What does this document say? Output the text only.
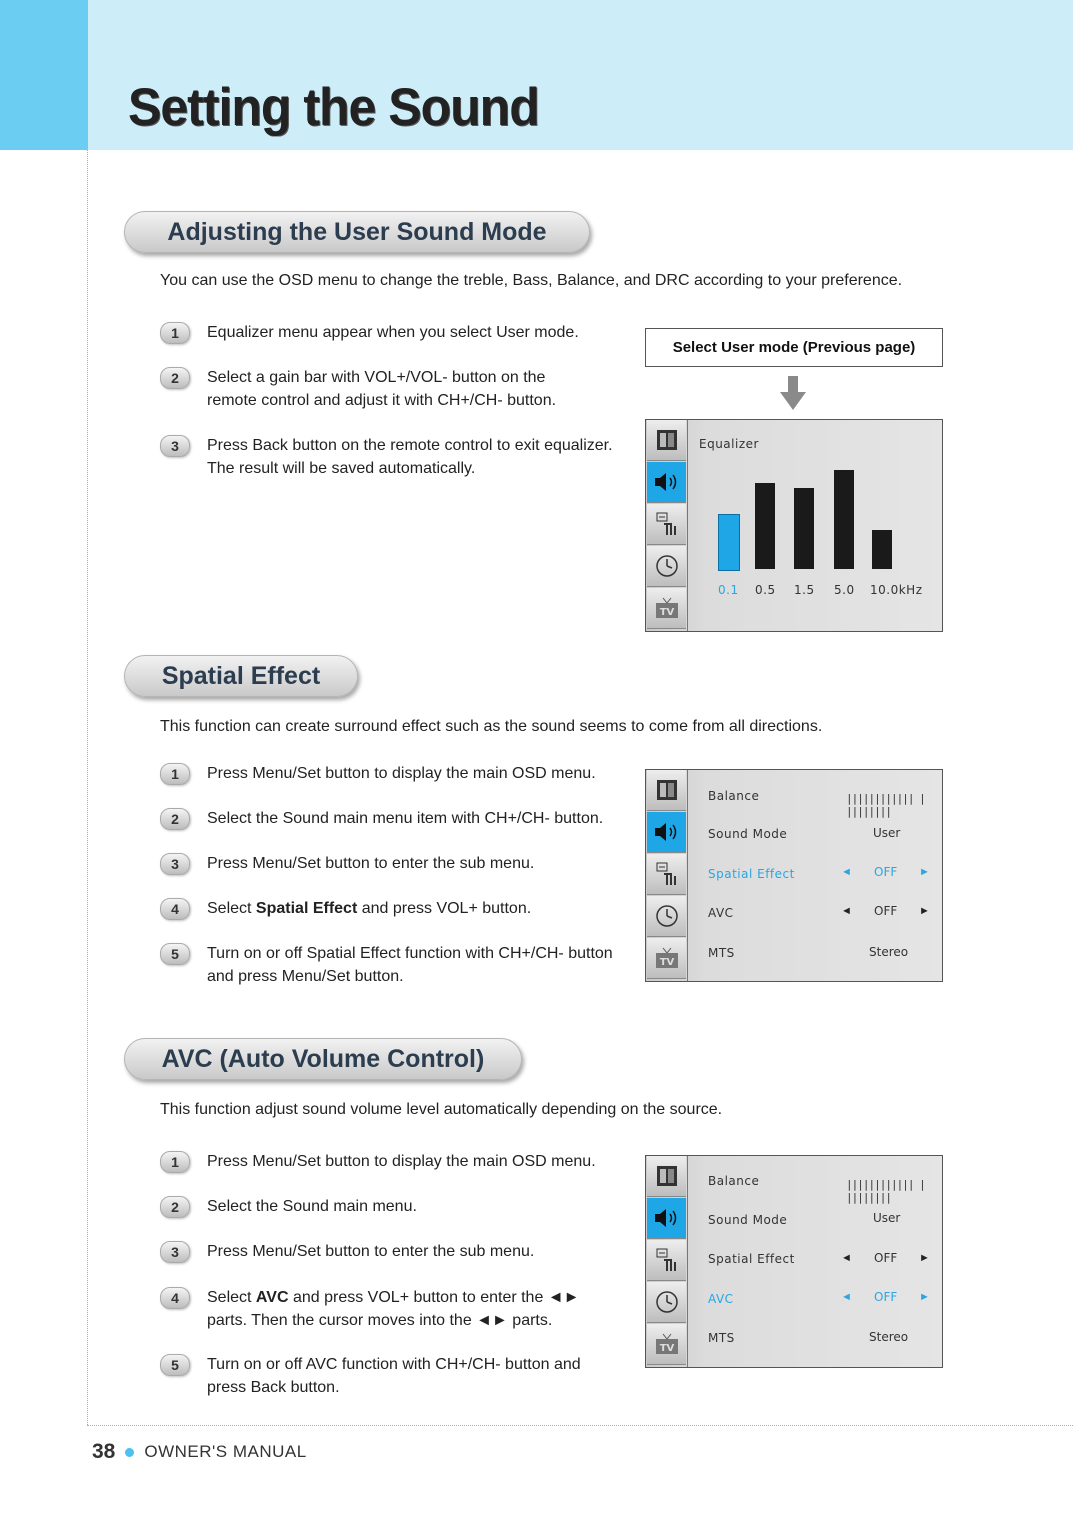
Setting the Sound
Adjusting the User Sound Mode
You can use the OSD menu to change the treble, Bass, Balance, and DRC according to your preference.
1	Equalizer menu appear when you select User mode.
2	Select a gain bar with VOL+/VOL- button on the remote control and adjust it with CH+/CH- button.
3	Press Back button on the remote control to exit equalizer. The result will be saved automatically.
Select User mode (Previous page)
TV
Equalizer
0.1 0.5 1.5 5.0 10.0kHz
Spatial Effect
This function can create surround effect such as the sound seems to come from all directions.
1	Press Menu/Set button to display the main OSD menu.
2	Select the Sound main menu item with CH+/CH- button.
3	Press Menu/Set button to enter the sub menu.
4	Select Spatial Effect and press VOL+ button.
5	Turn on or off Spatial Effect function with CH+/CH- button and press Menu/Set button.
TV
Balance	|||||||||||| | ||||||||
Sound Mode	User
Spatial Effect	◄ OFF ►
AVC	◄ OFF ►
MTS	Stereo
AVC (Auto Volume Control)
This function adjust sound volume level automatically depending on the source.
1	Press Menu/Set button to display the main OSD menu.
2	Select the Sound main menu.
3	Press Menu/Set button to enter the sub menu.
4	Select AVC and press VOL+ button to enter the ◄► parts. Then the cursor moves into the ◄► parts.
5	Turn on or off AVC function with CH+/CH- button and press Back button.
TV
Balance	|||||||||||| | ||||||||
Sound Mode	User
Spatial Effect	◄ OFF ►
AVC	◄ OFF ►
MTS	Stereo
38 OWNER'S MANUAL
